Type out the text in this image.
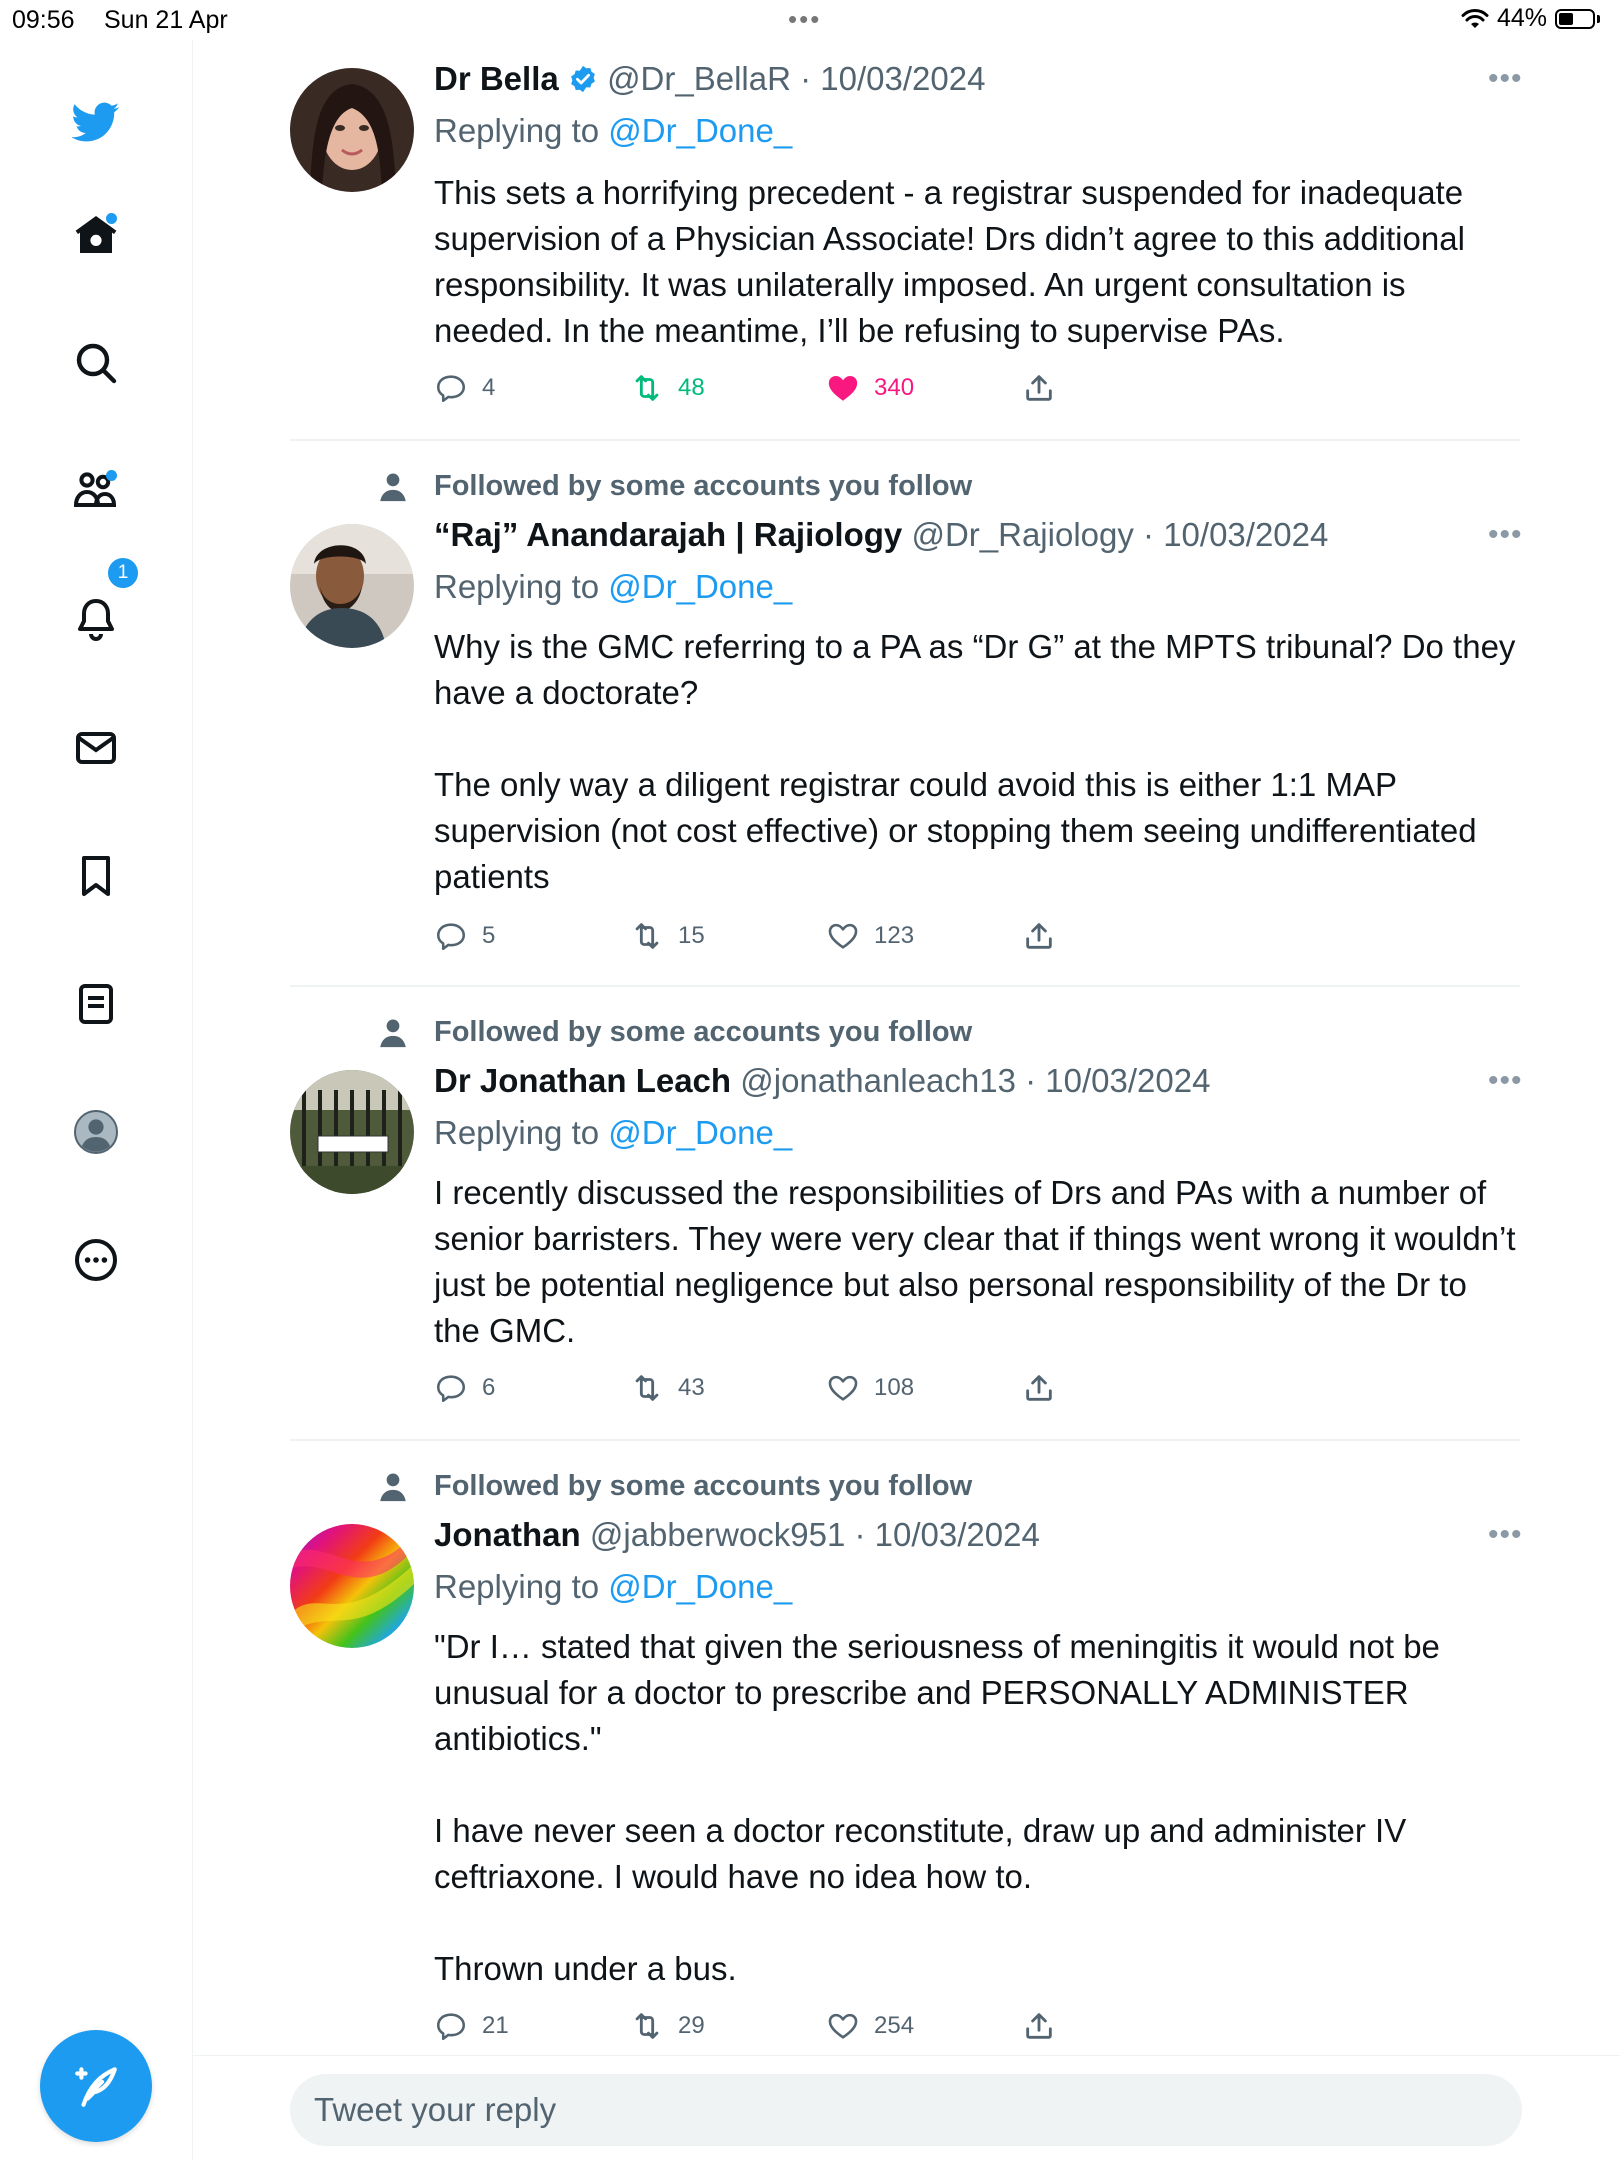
09:56 Sun 21 Apr	•••	44%
1
Dr Bella @Dr_BellaR · 10/03/2024	•••
Replying to @Dr_Done_
This sets a horrifying precedent - a registrar suspended for inadequate supervision of a Physician Associate! Drs didn’t agree to this additional responsibility. It was unilaterally imposed. An urgent consultation is needed. In the meantime, I’ll be refusing to supervise PAs.
4	48	340
Followed by some accounts you follow
“Raj” Anandarajah | Rajiology @Dr_Rajiology · 10/03/2024	•••
Replying to @Dr_Done_
Why is the GMC referring to a PA as “Dr G” at the MPTS tribunal? Do they have a doctorate?

The only way a diligent registrar could avoid this is either 1:1 MAP supervision (not cost effective) or stopping them seeing undifferentiated patients
5	15	123
Followed by some accounts you follow
Dr Jonathan Leach @jonathanleach13 · 10/03/2024	•••
Replying to @Dr_Done_
I recently discussed the responsibilities of Drs and PAs with a number of senior barristers. They were very clear that if things went wrong it wouldn’t just be potential negligence but also personal responsibility of the Dr to the GMC.
6	43	108
Followed by some accounts you follow
Jonathan @jabberwock951 · 10/03/2024	•••
Replying to @Dr_Done_
"Dr I… stated that given the seriousness of meningitis it would not be unusual for a doctor to prescribe and PERSONALLY ADMINISTER antibiotics."

I have never seen a doctor reconstitute, draw up and administer IV ceftriaxone. I would have no idea how to.

Thrown under a bus.
21	29	254
Tweet your reply
